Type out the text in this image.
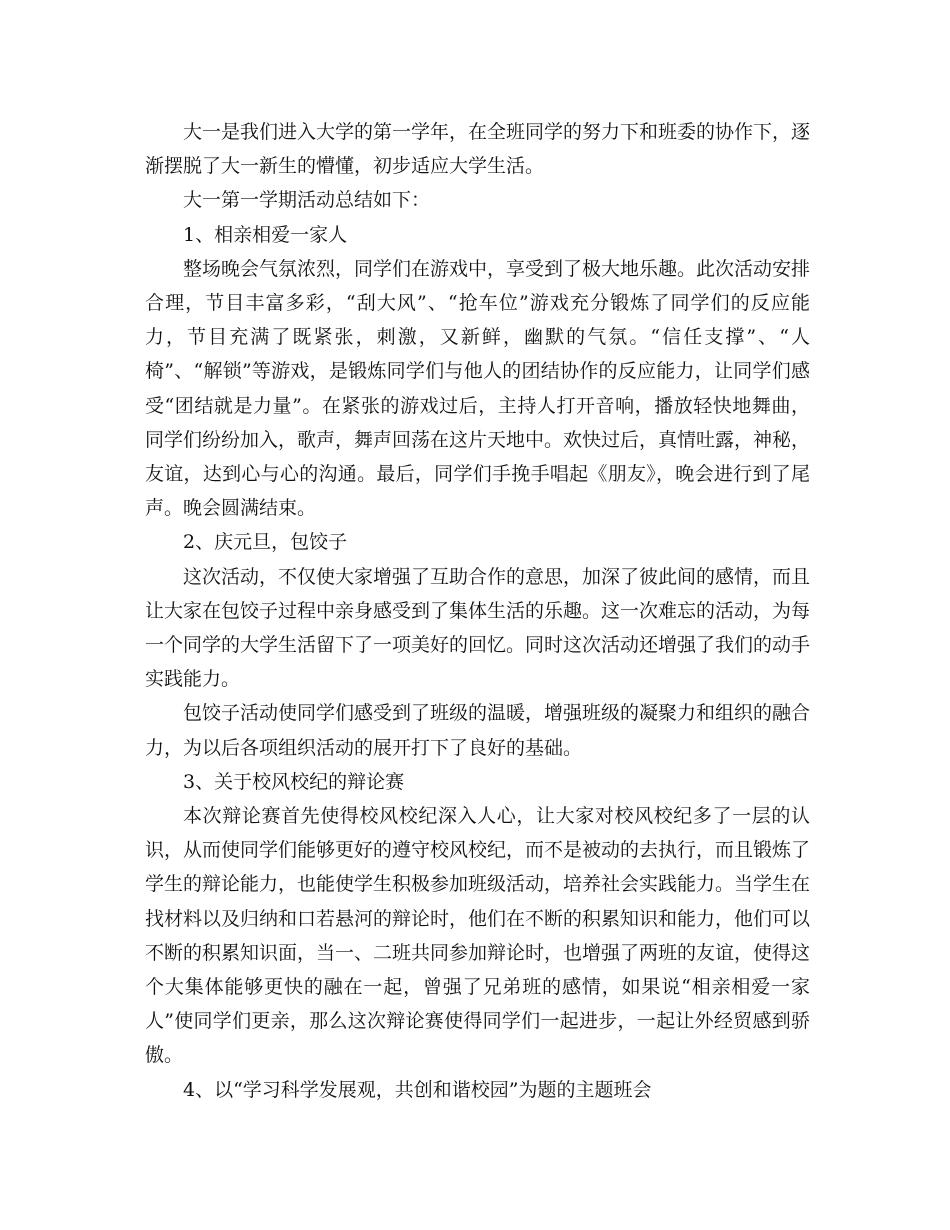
大一是我们进入大学的第一学年，在全班同学的努力下和班委的协作下，逐渐摆脱了大一新生的懵懂，初步适应大学生活。

大一第一学期活动总结如下：

1、相亲相爱一家人

整场晚会气氛浓烈，同学们在游戏中，享受到了极大地乐趣。此次活动安排合理，节目丰富多彩，“刮大风”、“抢车位”游戏充分锻炼了同学们的反应能力，节目充满了既紧张，刺激，又新鲜，幽默的气氛。“信任支撑”、“人椅”、“解锁”等游戏，是锻炼同学们与他人的团结协作的反应能力，让同学们感受“团结就是力量”。在紧张的游戏过后，主持人打开音响，播放轻快地舞曲，同学们纷纷加入，歌声，舞声回荡在这片天地中。欢快过后，真情吐露，神秘，友谊，达到心与心的沟通。最后，同学们手挽手唱起《朋友》，晚会进行到了尾声。晚会圆满结束。

2、庆元旦，包饺子

这次活动，不仅使大家增强了互助合作的意思，加深了彼此间的感情，而且让大家在包饺子过程中亲身感受到了集体生活的乐趣。这一次难忘的活动，为每一个同学的大学生活留下了一项美好的回忆。同时这次活动还增强了我们的动手实践能力。

包饺子活动使同学们感受到了班级的温暖，增强班级的凝聚力和组织的融合力，为以后各项组织活动的展开打下了良好的基础。

3、关于校风校纪的辩论赛

本次辩论赛首先使得校风校纪深入人心，让大家对校风校纪多了一层的认识，从而使同学们能够更好的遵守校风校纪，而不是被动的去执行，而且锻炼了学生的辩论能力，也能使学生积极参加班级活动，培养社会实践能力。当学生在找材料以及归纳和口若悬河的辩论时，他们在不断的积累知识和能力，他们可以不断的积累知识面，当一、二班共同参加辩论时，也增强了两班的友谊，使得这个大集体能够更快的融在一起，曾强了兄弟班的感情，如果说“相亲相爱一家人”使同学们更亲，那么这次辩论赛使得同学们一起进步，一起让外经贸感到骄傲。

4、以“学习科学发展观，共创和谐校园”为题的主题班会
